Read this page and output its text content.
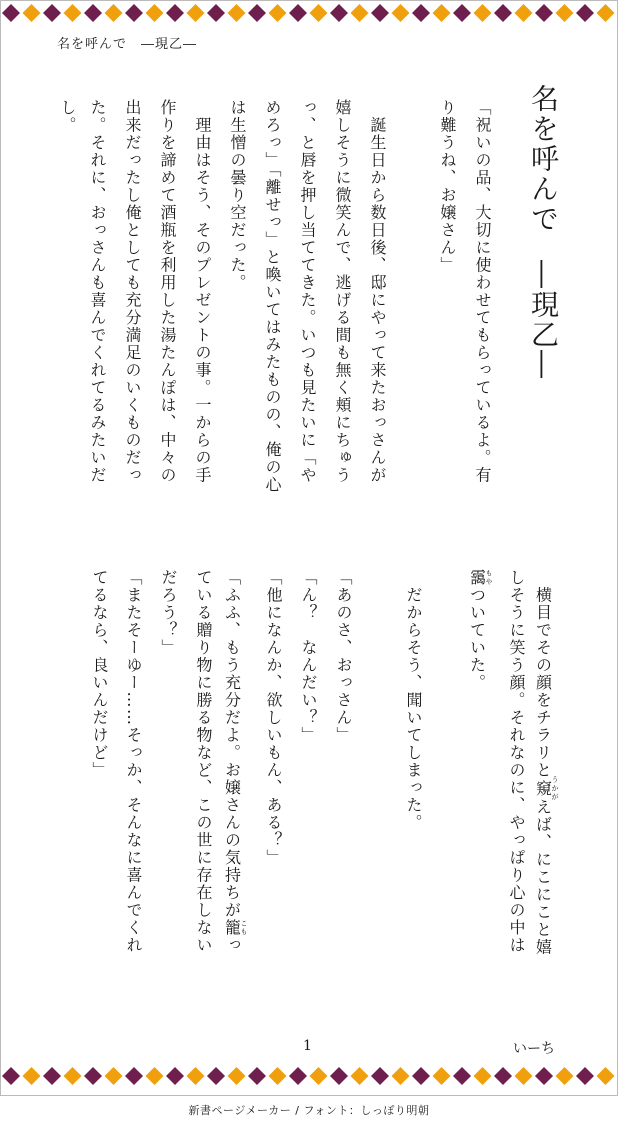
名を呼んで　―現乙―
名を呼んで―現乙―
「祝いの品、大切に使わせてもらっているよ。有
り難うね、お嬢さん」
　誕生日から数日後、邸にやって来たおっさんが
嬉しそうに微笑んで、逃げる間も無く頬にちゅう
っ、と唇を押し当ててきた。いつも見たいに「や
めろっ」「離せっ」と喚いてはみたものの、俺の心
は生憎の曇り空だった。
　理由はそう、そのプレゼントの事。一からの手
作りを諦めて酒瓶を利用した湯たんぽは、中々の
出来だったし俺としても充分満足のいくものだっ
た。それに、おっさんも喜んでくれてるみたいだ
し。
　横目でその顔をチラリと窺うかがえば、にこにこと嬉
しそうに笑う顔。それなのに、やっぱり心の中は
靄もやついていた。
　だからそう、聞いてしまった。
「あのさ、おっさん」
「ん？　なんだい？」
「他になんか、欲しいもん、ある？」
「ふふ、もう充分だよ。お嬢さんの気持ちが籠こもっ
ている贈り物に勝る物など、この世に存在しない
だろう？」
「またそーゆー……そっか、そんなに喜んでくれ
てるなら、良いんだけど」
1	いーち
新書ページメーカー / フォント：しっぽり明朝
